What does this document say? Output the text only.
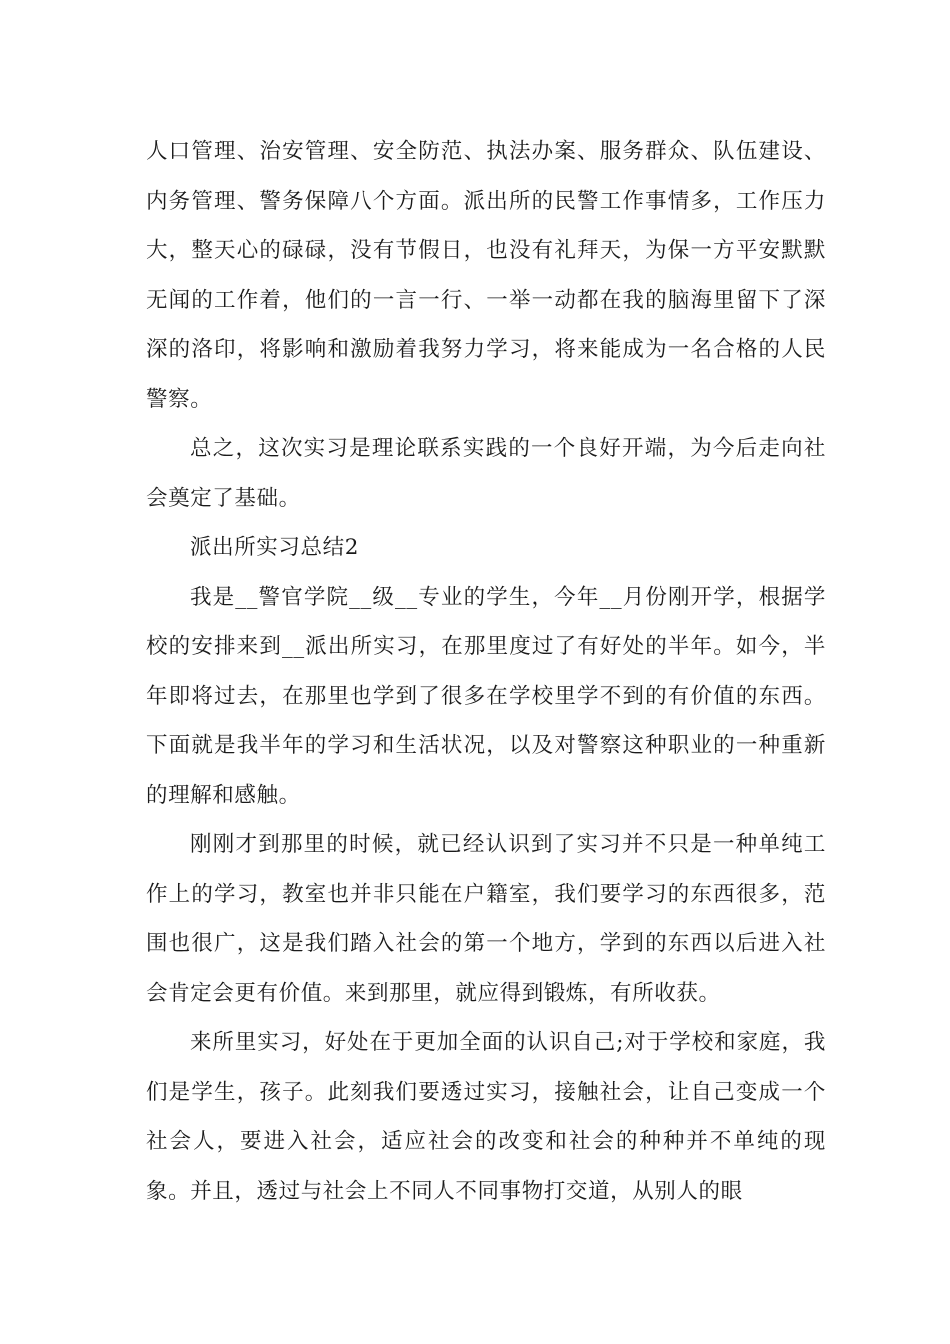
人口管理、治安管理、安全防范、执法办案、服务群众、队伍建设、内务管理、警务保障八个方面。派出所的民警工作事情多，工作压力大，整天心的碌碌，没有节假日，也没有礼拜天，为保一方平安默默无闻的工作着，他们的一言一行、一举一动都在我的脑海里留下了深深的洛印，将影响和激励着我努力学习，将来能成为一名合格的人民警察。

总之，这次实习是理论联系实践的一个良好开端，为今后走向社会奠定了基础。

派出所实习总结2

我是__警官学院__级__专业的学生，今年__月份刚开学，根据学校的安排来到__派出所实习，在那里度过了有好处的半年。如今，半年即将过去，在那里也学到了很多在学校里学不到的有价值的东西。下面就是我半年的学习和生活状况，以及对警察这种职业的一种重新的理解和感触。

刚刚才到那里的时候，就已经认识到了实习并不只是一种单纯工作上的学习，教室也并非只能在户籍室，我们要学习的东西很多，范围也很广，这是我们踏入社会的第一个地方，学到的东西以后进入社会肯定会更有价值。来到那里，就应得到锻炼，有所收获。

来所里实习，好处在于更加全面的认识自己;对于学校和家庭，我们是学生，孩子。此刻我们要透过实习，接触社会，让自己变成一个社会人，要进入社会，适应社会的改变和社会的种种并不单纯的现象。并且，透过与社会上不同人不同事物打交道，从别人的眼
